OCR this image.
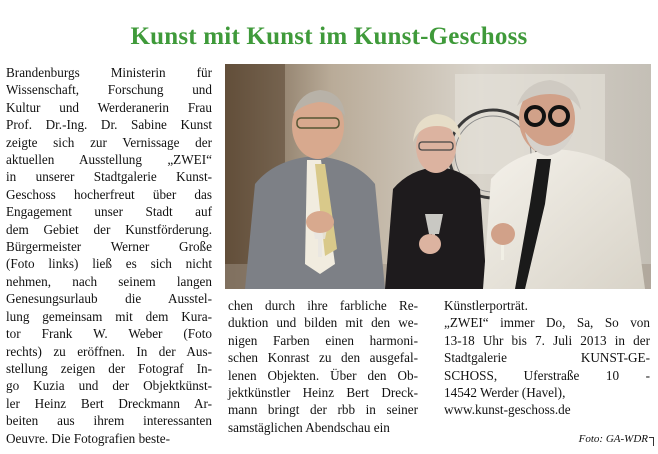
Kunst mit Kunst im Kunst-Geschoss
Brandenburgs Ministerin für
Wissenschaft, Forschung und
Kultur und Werderanerin Frau
Prof. Dr.-Ing. Dr. Sabine Kunst
zeigte sich zur Vernissage der
aktuellen Ausstellung „ZWEI“
in unserer Stadtgalerie Kunst-
Geschoss hocherfreut über das
Engagement unser Stadt auf
dem Gebiet der Kunstförderung.
Bürgermeister Werner Große
(Foto links) ließ es sich nicht
nehmen, nach seinem langen
Genesungsurlaub die Ausstel-
lung gemeinsam mit dem Kura-
tor Frank W. Weber (Foto
rechts) zu eröffnen. In der Aus-
stellung zeigen der Fotograf In-
go Kuzia und der Objektkünst-
ler Heinz Bert Dreckmann Ar-
beiten aus ihrem interessanten
Oeuvre. Die Fotografien beste-
chen durch ihre farbliche Re-
duktion und bilden mit den we-
nigen Farben einen harmoni-
schen Konrast zu den ausgefal-
lenen Objekten. Über den Ob-
jektkünstler Heinz Bert Dreck-
mann bringt der rbb in seiner
samstäglichen Abendschau ein
Künstlerporträt.
„ZWEI“ immer Do, Sa, So von
13-18 Uhr bis 7. Juli 2013 in der
Stadtgalerie KUNST-GE-
SCHOSS, Uferstraße 10 -
14542 Werder (Havel),
www.kunst-geschoss.de
Foto: GA-WDR
